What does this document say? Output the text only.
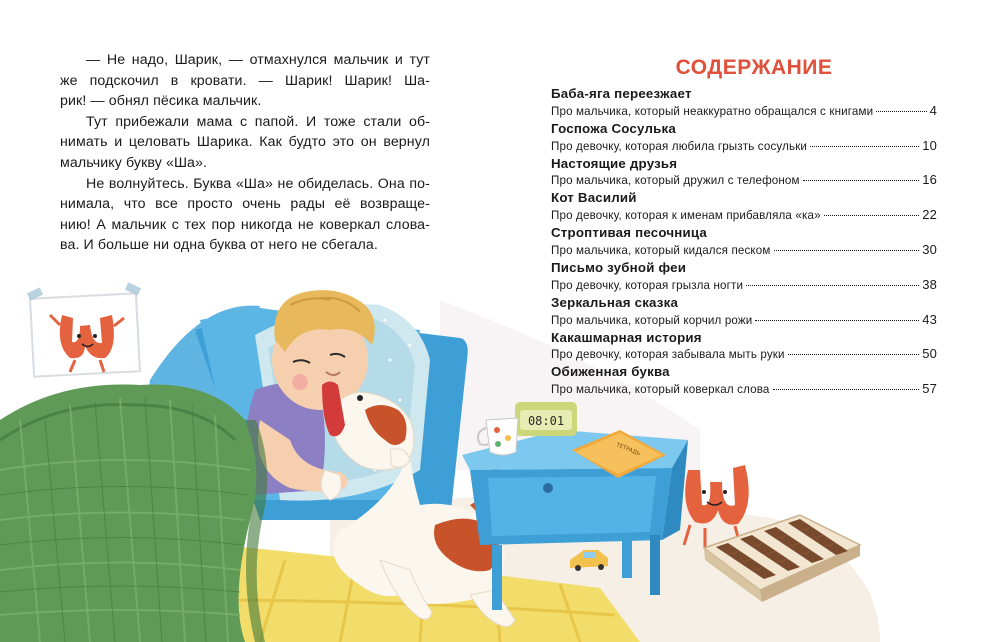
08:01
ТЕТРАДЬ
— Не надо, Шарик, — отмахнулся мальчик и тут
же подскочил в кровати. — Шарик! Шарик! Ша-
рик! — обнял пёсика мальчик.
Тут прибежали мама с папой. И тоже стали об-
нимать и целовать Шарика. Как будто это он вернул
мальчику букву «Ша».
Не волнуйтесь. Буква «Ша» не обиделась. Она по-
нимала, что все просто очень рады её возвраще-
нию! А мальчик с тех пор никогда не коверкал слова-
ва. И больше ни одна буква от него не сбегала.
СОДЕРЖАНИЕ
Баба-яга переезжает
Про мальчика, который неаккуратно обращался с книгами	4
Госпожа Сосулька
Про девочку, которая любила грызть сосульки	10
Настоящие друзья
Про мальчика, который дружил с телефоном	16
Кот Василий
Про девочку, которая к именам прибавляла «ка»	22
Строптивая песочница
Про мальчика, который кидался песком	30
Письмо зубной феи
Про девочку, которая грызла ногти	38
Зеркальная сказка
Про мальчика, который корчил рожи	43
Какашмарная история
Про девочку, которая забывала мыть руки	50
Обиженная буква
Про мальчика, который коверкал слова	57
